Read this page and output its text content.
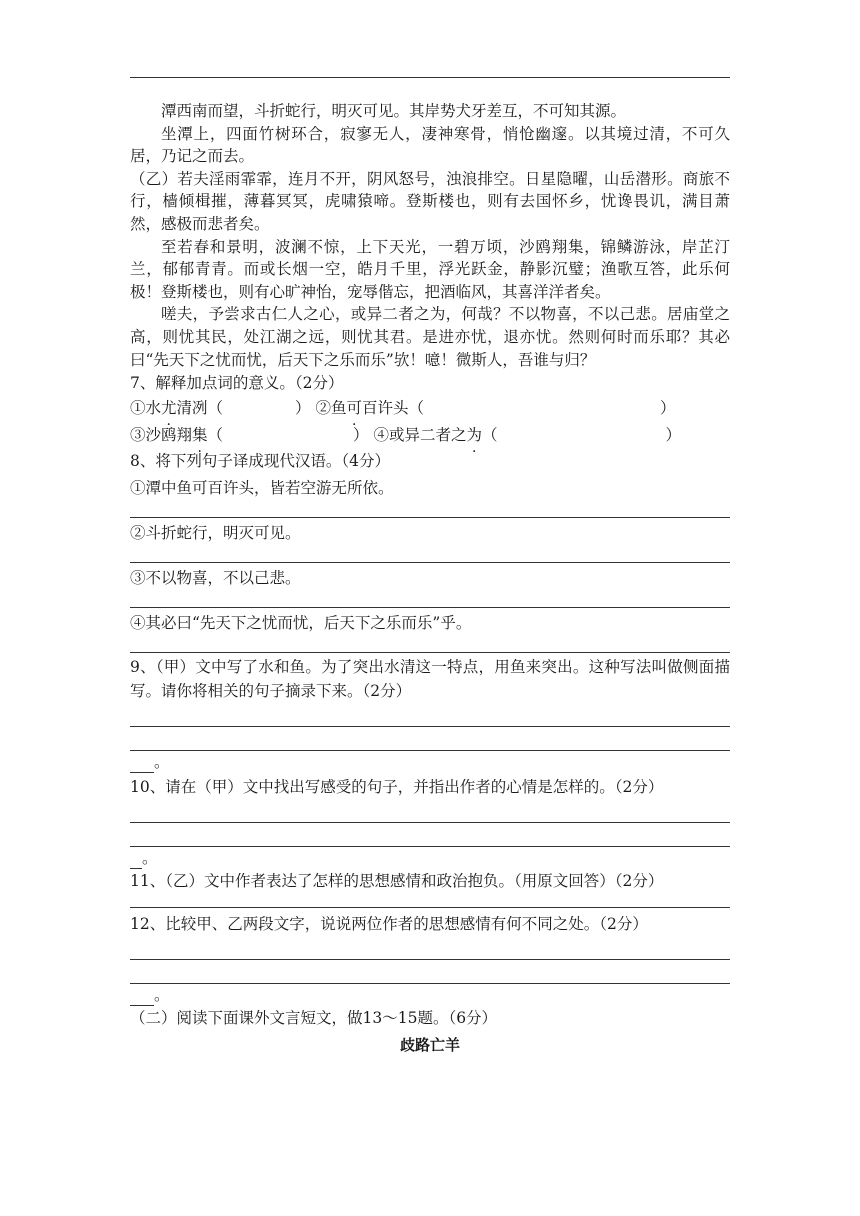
潭西南而望，斗折蛇行，明灭可见。其岸势犬牙差互，不可知其源。

坐潭上，四面竹树环合，寂寥无人，凄神寒骨，悄怆幽邃。以其境过清，不可久居，乃记之而去。

（乙）若夫淫雨霏霏，连月不开，阴风怒号，浊浪排空。日星隐曜，山岳潜形。商旅不行，樯倾楫摧，薄暮冥冥，虎啸猿啼。登斯楼也，则有去国怀乡，忧谗畏讥，满目萧然，感极而悲者矣。

至若春和景明，波澜不惊，上下天光，一碧万顷，沙鸥翔集，锦鳞游泳，岸芷汀兰，郁郁青青。而或长烟一空，皓月千里，浮光跃金，静影沉璧；渔歌互答，此乐何极！登斯楼也，则有心旷神怡，宠辱偕忘，把酒临风，其喜洋洋者矣。

嗟夫，予尝求古仁人之心，或异二者之为，何哉？不以物喜，不以己悲。居庙堂之高，则忧其民，处江湖之远，则忧其君。是进亦忧，退亦忧。然则何时而乐耶？其必曰“先天下之忧而忧，后天下之乐而乐”欤！噫！微斯人，吾谁与归？

7、解释加点词的意义。（2分）

①水 尤 · 清冽（	） ②鱼 可 · 百许头（	）
③沙鸥翔 集 · （	） ④或异二者之 为 · （	）

8、将下列句子译成现代汉语。（4分）

①潭中鱼可百许头，皆若空游无所依。
②斗折蛇行，明灭可见。
③不以物喜，不以己悲。
④其必曰“先天下之忧而忧，后天下之乐而乐”乎。

9、（甲）文中写了水和鱼。为了突出水清这一特点，用鱼来突出。这种写法叫做侧面描写。请你将相关的句子摘录下来。（2分）

。

10、请在（甲）文中找出写感受的句子，并指出作者的心情是怎样的。（2分）

。

11、（乙）文中作者表达了怎样的思想感情和政治抱负。（用原文回答）（2分）

12、比较甲、乙两段文字，说说两位作者的思想感情有何不同之处。（2分）

。

（二）阅读下面课外文言短文，做13～15题。（6分）

歧路亡羊
